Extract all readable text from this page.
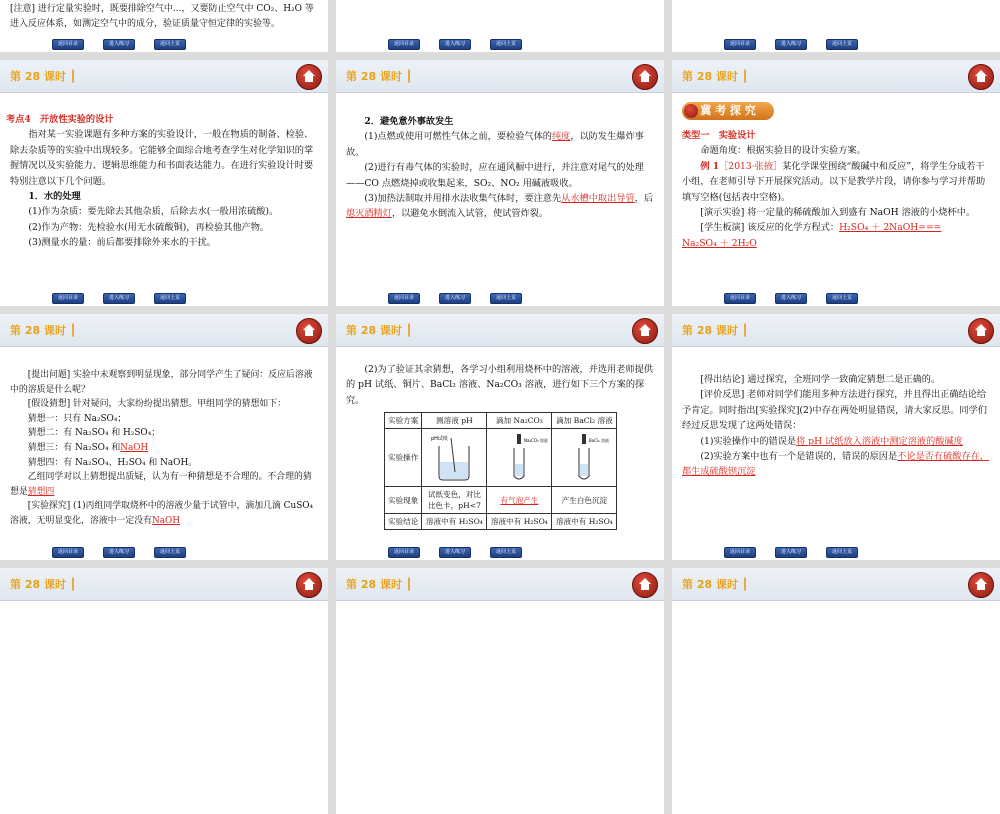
[注意] 进行定量实验时，既要排除空气中...，又要防止空气中 CO₂、H₂O 等进入反应体系，如测定空气中的成分，验证质量守恒定律的实验等。

返回目录	进入练习	返回上页	返回目录	进入练习	返回上页	返回目录	进入练习	返回上页
第 28 课时 ┃

考点4　开放性实验的设计

指对某一实验课题有多种方案的实验设计，一般在物质的制备、检验、除去杂质等的实验中出现较多。它能够全面综合地考查学生对化学知识的掌握情况以及实验能力、逻辑思维能力和书面表达能力。在进行实验设计时要特别注意以下几个问题。

1．水的处理

(1)作为杂质：要先除去其他杂质，后除去水(一般用浓硫酸)。

(2)作为产物：先检验水(用无水硫酸铜)，再检验其他产物。

(3)测量水的量：前后都要排除外来水的干扰。

返回目录	进入练习	返回上页
第 28 课时 ┃

2．避免意外事故发生

(1)点燃或使用可燃性气体之前，要检验气体的纯度，以防发生爆炸事故。

(2)进行有毒气体的实验时，应在通风橱中进行，并注意对尾气的处理——CO 点燃烧掉或收集起来，SO₂、NO₂ 用碱液吸收。

(3)加热法制取并用排水法收集气体时，要注意先从水槽中取出导管，后熄灭酒精灯，以避免水倒流入试管，使试管炸裂。

返回目录	进入练习	返回上页
第 28 课时 ┃
冀 考 探 究

类型一　实验设计

命题角度：根据实验目的设计实验方案。

例 1［2013·张掖］某化学课堂围绕“酸碱中和反应”，将学生分成若干小组，在老师引导下开展探究活动。以下是教学片段，请你参与学习并帮助填写空格(包括表中空格)。

[演示实验] 将一定量的稀硫酸加入到盛有 NaOH 溶液的小烧杯中。

[学生板演] 该反应的化学方程式：H₂SO₄ ＋ 2NaOH===

Na₂SO₄ ＋ 2H₂O

返回目录	进入练习	返回上页
第 28 课时 ┃

[提出问题] 实验中未观察到明显现象，部分同学产生了疑问：反应后溶液中的溶质是什么呢？

[假设猜想] 针对疑问，大家纷纷提出猜想。甲组同学的猜想如下：

猜想一：只有 Na₂SO₄；

猜想二：有 Na₂SO₄ 和 H₂SO₄；

猜想三：有 Na₂SO₄ 和NaOH

猜想四：有 Na₂SO₄、H₂SO₄ 和 NaOH。

乙组同学对以上猜想提出质疑，认为有一种猜想是不合理的。不合理的猜想是猜想四

[实验探究] (1)丙组同学取烧杯中的溶液少量于试管中，滴加几滴 CuSO₄ 溶液，无明显变化，溶液中一定没有NaOH

返回目录	进入练习	返回上页
第 28 课时 ┃

(2)为了验证其余猜想，各学习小组利用烧杯中的溶液，并选用老师提供的 pH 试纸、铜片、BaCl₂ 溶液、Na₂CO₃ 溶液，进行如下三个方案的探究。

实验方案	测溶液 pH	滴加 Na₂CO₃	滴加 BaCl₂ 溶液
实验操作	pH试纸	Na₂CO₃ 溶液	BaCl₂ 溶液

实验现象	试纸变色，对比比色卡，pH<7	有气泡产生	产生白色沉淀
实验结论	溶液中有 H₂SO₄	溶液中有 H₂SO₄	溶液中有 H₂SO₄
返回目录	进入练习	返回上页
第 28 课时 ┃

[得出结论] 通过探究，全班同学一致确定猜想二是正确的。

[评价反思] 老师对同学们能用多种方法进行探究，并且得出正确结论给予肯定。同时指出[实验探究](2)中存在两处明显错误，请大家反思。同学们经过反思发现了这两处错误：

(1)实验操作中的错误是将 pH 试纸放入溶液中测定溶液的酸碱度

(2)实验方案中也有一个是错误的，错误的原因是不论是否有硫酸存在，都生成硫酸钡沉淀

返回目录	进入练习	返回上页
第 28 课时 ┃	第 28 课时 ┃	第 28 课时 ┃
